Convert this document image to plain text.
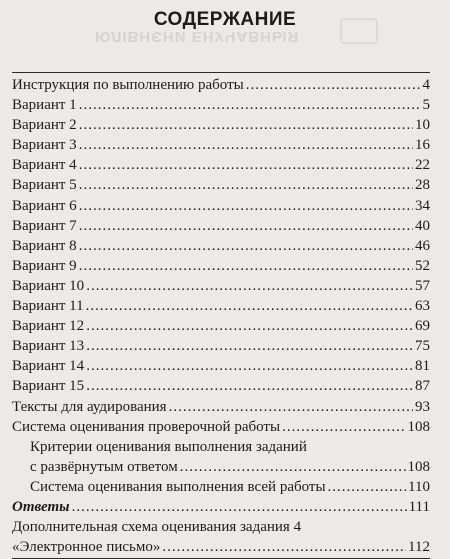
ЮЛІВНЄНИ ЕНУЧАВНЫЯ
СОДЕРЖАНИЕ
Инструкция по выполнению работы .....	4
Вариант 1 .....	5
Вариант 2 .....	10
Вариант 3 .....	16
Вариант 4 .....	22
Вариант 5 .....	28
Вариант 6 .....	34
Вариант 7 .....	40
Вариант 8 .....	46
Вариант 9 .....	52
Вариант 10 .....	57
Вариант 11 .....	63
Вариант 12 .....	69
Вариант 13 .....	75
Вариант 14 .....	81
Вариант 15 .....	87
Тексты для аудирования .....	93
Система оценивания проверочной работы .....	108
Критерии оценивания выполнения заданий
с развёрнутым ответом .....	108
Система оценивания выполнения всей работы .....	110
Ответы .....	111
Дополнительная схема оценивания задания 4
«Электронное письмо» .....	112
